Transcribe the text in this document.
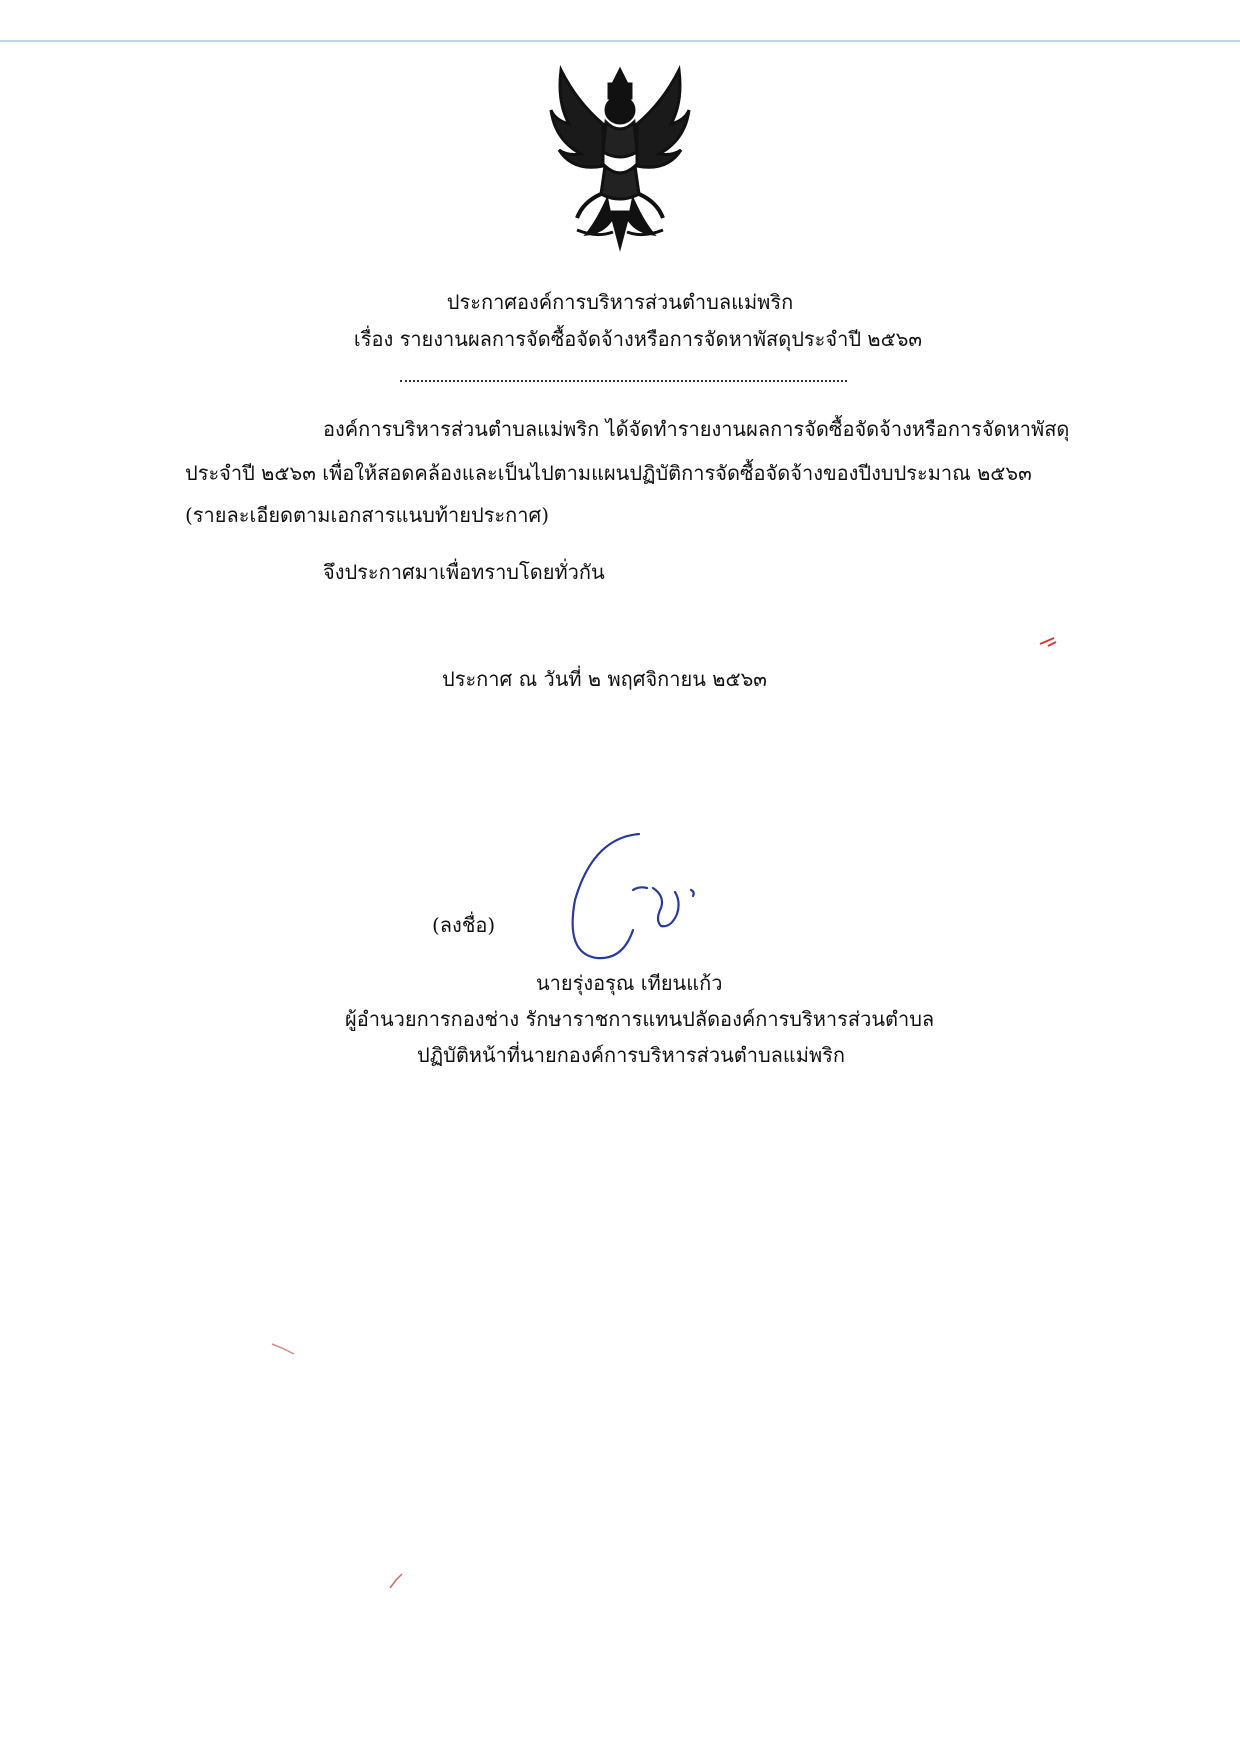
ประกาศองค์การบริหารส่วนตำบลแม่พริก
เรื่อง รายงานผลการจัดซื้อจัดจ้างหรือการจัดหาพัสดุประจำปี ๒๕๖๓
องค์การบริหารส่วนตำบลแม่พริก ได้จัดทำรายงานผลการจัดซื้อจัดจ้างหรือการจัดหาพัสดุ
ประจำปี ๒๕๖๓ เพื่อให้สอดคล้องและเป็นไปตามแผนปฏิบัติการจัดซื้อจัดจ้างของปีงบประมาณ ๒๕๖๓
(รายละเอียดตามเอกสารแนบท้ายประกาศ)
จึงประกาศมาเพื่อทราบโดยทั่วกัน
ประกาศ ณ วันที่ ๒ พฤศจิกายน ๒๕๖๓
(ลงชื่อ)
นายรุ่งอรุณ เทียนแก้ว
ผู้อำนวยการกองช่าง รักษาราชการแทนปลัดองค์การบริหารส่วนตำบล
ปฏิบัติหน้าที่นายกองค์การบริหารส่วนตำบลแม่พริก
